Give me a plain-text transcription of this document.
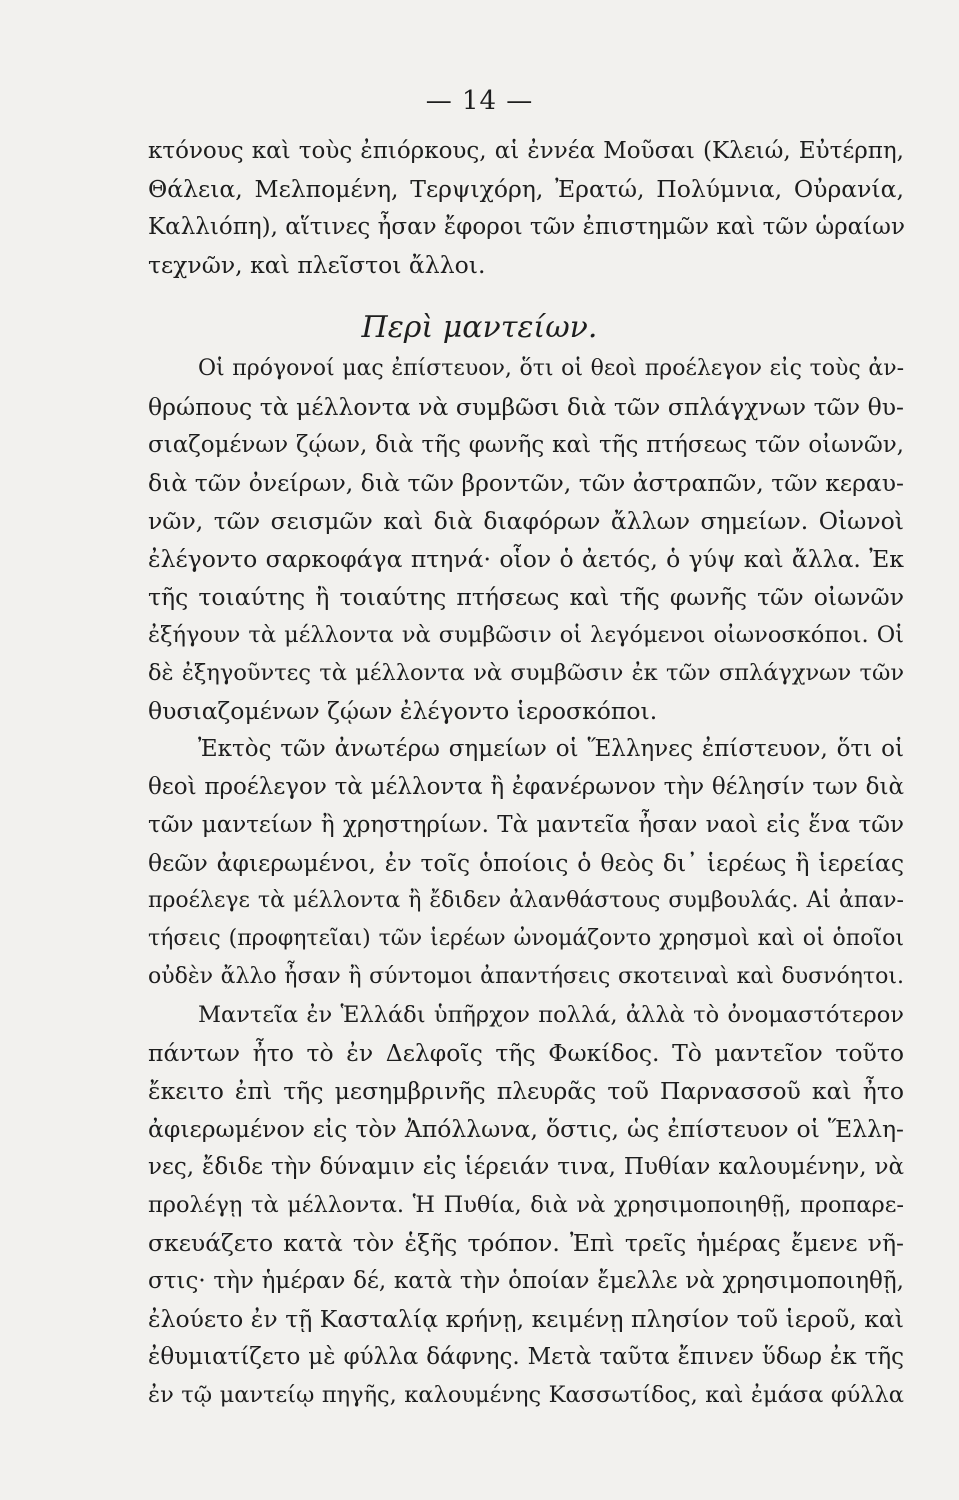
— 14 —
κτόνους καὶ τοὺς ἐπιόρκους, αἱ ἐννέα Μοῦσαι (Κλειώ, Εὐτέρπη,
Θάλεια, Μελπομένη, Τερψιχόρη, Ἐρατώ, Πολύμνια, Οὐρανία,
Καλλιόπη), αἵτινες ἦσαν ἔφοροι τῶν ἐπιστημῶν καὶ τῶν ὡραίων
τεχνῶν, καὶ πλεῖστοι ἄλλοι.
Περὶ μαντείων.
Οἱ πρόγονοί μας ἐπίστευον, ὅτι οἱ θεοὶ προέλεγον εἰς τοὺς ἀν-
θρώπους τὰ μέλλοντα νὰ συμβῶσι διὰ τῶν σπλάγχνων τῶν θυ-
σιαζομένων ζῴων, διὰ τῆς φωνῆς καὶ τῆς πτήσεως τῶν οἰωνῶν,
διὰ τῶν ὀνείρων, διὰ τῶν βροντῶν, τῶν ἀστραπῶν, τῶν κεραυ-
νῶν, τῶν σεισμῶν καὶ διὰ διαφόρων ἄλλων σημείων. Οἰωνοὶ
ἐλέγοντο σαρκοφάγα πτηνά· οἷον ὁ ἀετός, ὁ γύψ καὶ ἄλλα. Ἐκ
τῆς τοιαύτης ἢ τοιαύτης πτήσεως καὶ τῆς φωνῆς τῶν οἰωνῶν
ἐξήγουν τὰ μέλλοντα νὰ συμβῶσιν οἱ λεγόμενοι οἰωνοσκόποι. Οἱ
δὲ ἐξηγοῦντες τὰ μέλλοντα νὰ συμβῶσιν ἐκ τῶν σπλάγχνων τῶν
θυσιαζομένων ζῴων ἐλέγοντο ἱεροσκόποι.
Ἐκτὸς τῶν ἀνωτέρω σημείων οἱ Ἕλληνες ἐπίστευον, ὅτι οἱ
θεοὶ προέλεγον τὰ μέλλοντα ἢ ἐφανέρωνον τὴν θέλησίν των διὰ
τῶν μαντείων ἢ χρηστηρίων. Τὰ μαντεῖα ἦσαν ναοὶ εἰς ἕνα τῶν
θεῶν ἀφιερωμένοι, ἐν τοῖς ὁποίοις ὁ θεὸς δι᾽ ἱερέως ἢ ἱερείας
προέλεγε τὰ μέλλοντα ἢ ἔδιδεν ἀλανθάστους συμβουλάς. Αἱ ἀπαν-
τήσεις (προφητεῖαι) τῶν ἱερέων ὠνομάζοντο χρησμοὶ καὶ οἱ ὁποῖοι
οὐδὲν ἄλλο ἦσαν ἢ σύντομοι ἀπαντήσεις σκοτειναὶ καὶ δυσνόητοι.
Μαντεῖα ἐν Ἑλλάδι ὑπῆρχον πολλά, ἀλλὰ τὸ ὀνομαστότερον
πάντων ἦτο τὸ ἐν Δελφοῖς τῆς Φωκίδος. Τὸ μαντεῖον τοῦτο
ἔκειτο ἐπὶ τῆς μεσημβρινῆς πλευρᾶς τοῦ Παρνασσοῦ καὶ ἦτο
ἀφιερωμένον εἰς τὸν Ἀπόλλωνα, ὅστις, ὡς ἐπίστευον οἱ Ἕλλη-
νες, ἔδιδε τὴν δύναμιν εἰς ἱέρειάν τινα, Πυθίαν καλουμένην, νὰ
προλέγῃ τὰ μέλλοντα. Ἡ Πυθία, διὰ νὰ χρησιμοποιηθῇ, προπαρε-
σκευάζετο κατὰ τὸν ἑξῆς τρόπον. Ἐπὶ τρεῖς ἡμέρας ἔμενε νῆ-
στις· τὴν ἡμέραν δέ, κατὰ τὴν ὁποίαν ἔμελλε νὰ χρησιμοποιηθῇ,
ἐλούετο ἐν τῇ Κασταλίᾳ κρήνῃ, κειμένῃ πλησίον τοῦ ἱεροῦ, καὶ
ἐθυμιατίζετο μὲ φύλλα δάφνης. Μετὰ ταῦτα ἔπινεν ὕδωρ ἐκ τῆς
ἐν τῷ μαντείῳ πηγῆς, καλουμένης Κασσωτίδος, καὶ ἐμάσα φύλλα
